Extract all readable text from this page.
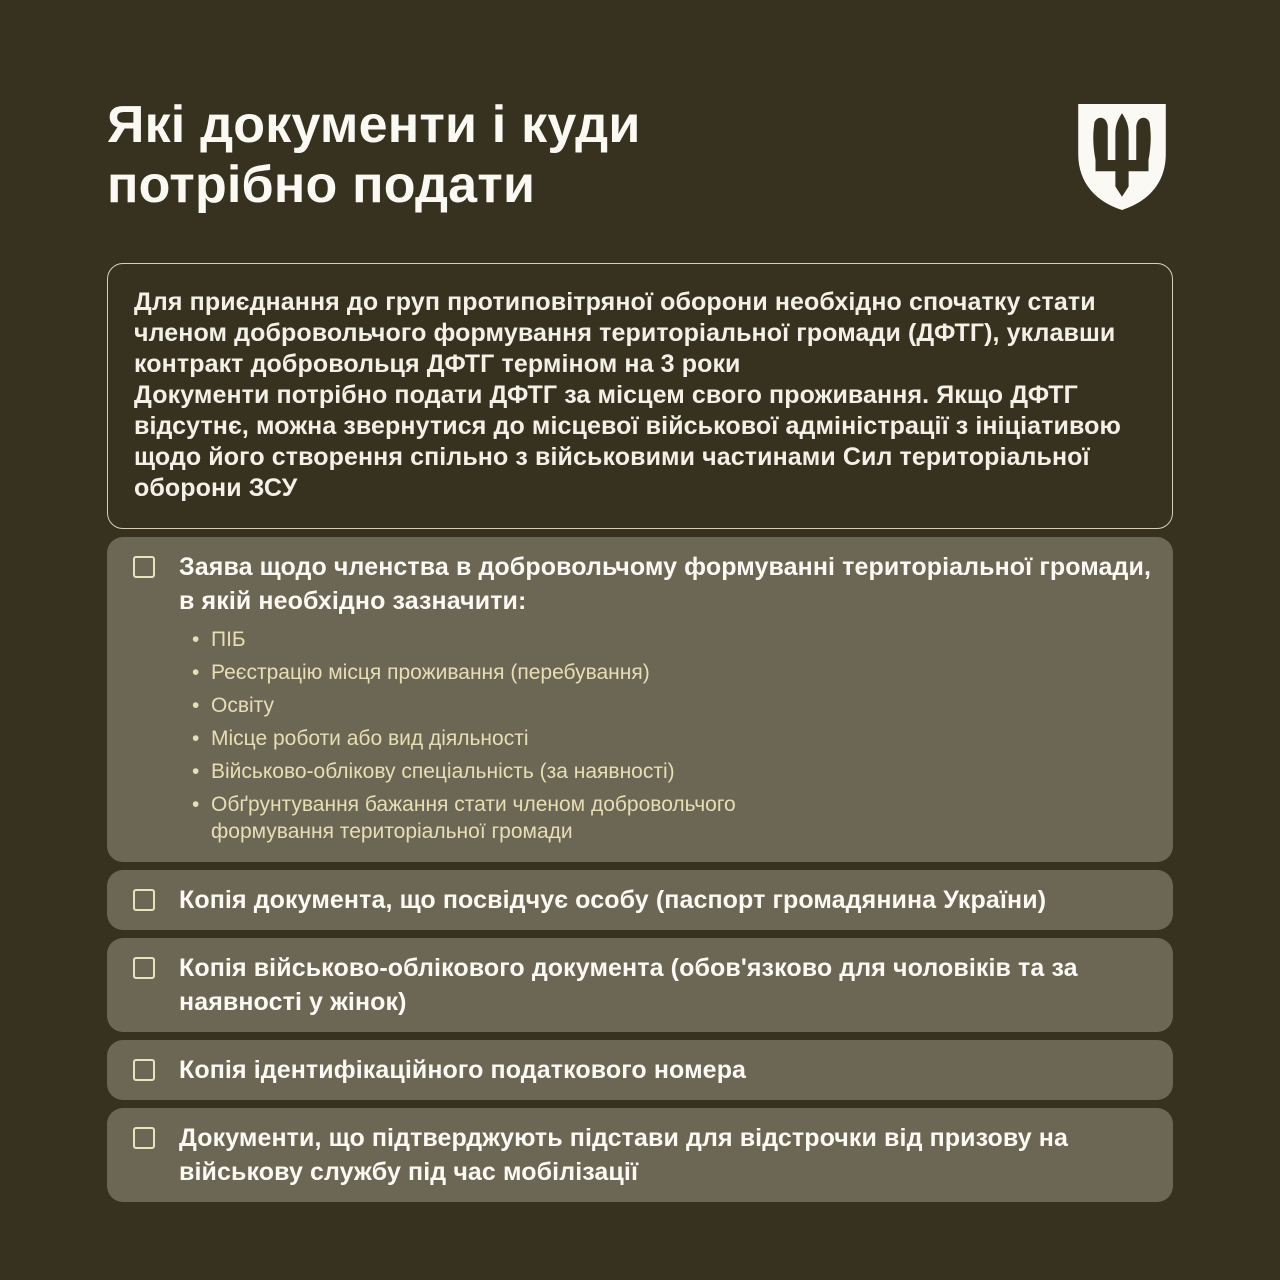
Які документи і куди
потрібно подати

Для приєднання до груп протиповітряної оборони необхідно спочатку стати членом добровольчого формування територіальної громади (ДФТГ), уклавши контракт добровольця ДФТГ терміном на 3 роки

Документи потрібно подати ДФТГ за місцем свого проживання. Якщо ДФТГ відсутнє, можна звернутися до місцевої військової адміністрації з ініціативою щодо його створення спільно з військовими частинами Сил територіальної оборони ЗСУ

Заява щодо членства в добровольчому формуванні територіальної громади, в якій необхідно зазначити:
• ПІБ
• Реєстрацію місця проживання (перебування)
• Освіту
• Місце роботи або вид діяльності
• Військово-облікову спеціальність (за наявності)
• Обґрунтування бажання стати членом добровольчого формування територіальної громади
Копія документа, що посвідчує особу (паспорт громадянина України)
Копія військово-облікового документа (обов'язково для чоловіків та за наявності у жінок)
Копія ідентифікаційного податкового номера
Документи, що підтверджують підстави для відстрочки від призову на військову службу під час мобілізації
